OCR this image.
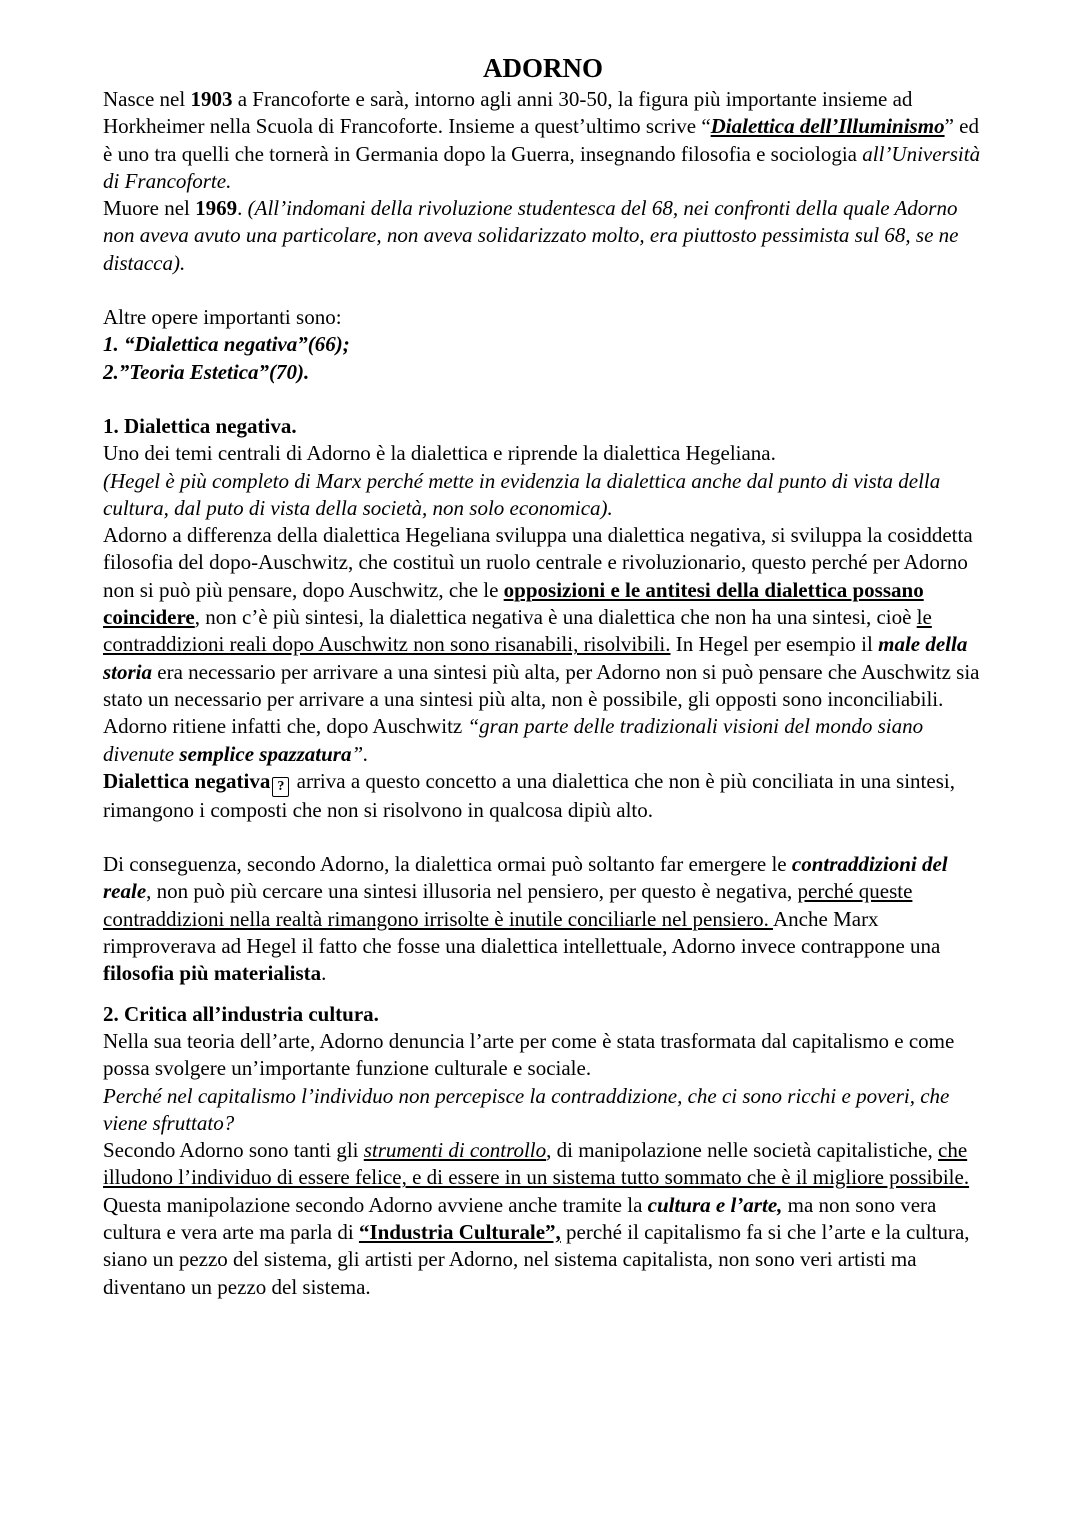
ADORNO

Nasce nel 1903 a Francoforte e sarà, intorno agli anni 30-50, la figura più importante insieme ad Horkheimer nella Scuola di Francoforte. Insieme a quest’ultimo scrive “Dialettica dell’Illuminismo” ed è uno tra quelli che tornerà in Germania dopo la Guerra, insegnando filosofia e sociologia all’Università di Francoforte.

Muore nel 1969. (All’indomani della rivoluzione studentesca del 68, nei confronti della quale Adorno non aveva avuto una particolare, non aveva solidarizzato molto, era piuttosto pessimista sul 68, se ne distacca).

Altre opere importanti sono:

1. “Dialettica negativa”(66);

2.”Teoria Estetica”(70).

1. Dialettica negativa.

Uno dei temi centrali di Adorno è la dialettica e riprende la dialettica Hegeliana.

(Hegel è più completo di Marx perché mette in evidenzia la dialettica anche dal punto di vista della cultura, dal puto di vista della società, non solo economica).

Adorno a differenza della dialettica Hegeliana sviluppa una dialettica negativa, si sviluppa la cosiddetta filosofia del dopo-Auschwitz, che costituì un ruolo centrale e rivoluzionario, questo perché per Adorno non si può più pensare, dopo Auschwitz, che le opposizioni e le antitesi della dialettica possano coincidere, non c’è più sintesi, la dialettica negativa è una dialettica che non ha una sintesi, cioè le contraddizioni reali dopo Auschwitz non sono risanabili, risolvibili. In Hegel per esempio il male della storia era necessario per arrivare a una sintesi più alta, per Adorno non si può pensare che Auschwitz sia stato un necessario per arrivare a una sintesi più alta, non è possibile, gli opposti sono inconciliabili. Adorno ritiene infatti che, dopo Auschwitz “gran parte delle tradizionali visioni del mondo siano divenute semplice spazzatura”.

Dialettica negativa ? arriva a questo concetto a una dialettica che non è più conciliata in una sintesi, rimangono i composti che non si risolvono in qualcosa dipiù alto.

Di conseguenza, secondo Adorno, la dialettica ormai può soltanto far emergere le contraddizioni del reale, non può più cercare una sintesi illusoria nel pensiero, per questo è negativa, perché queste contraddizioni nella realtà rimangono irrisolte è inutile conciliarle nel pensiero. Anche Marx rimproverava ad Hegel il fatto che fosse una dialettica intellettuale, Adorno invece contrappone una filosofia più materialista.

2. Critica all’industria cultura.

Nella sua teoria dell’arte, Adorno denuncia l’arte per come è stata trasformata dal capitalismo e come possa svolgere un’importante funzione culturale e sociale.

Perché nel capitalismo l’individuo non percepisce la contraddizione, che ci sono ricchi e poveri, che viene sfruttato?

Secondo Adorno sono tanti gli strumenti di controllo, di manipolazione nelle società capitalistiche, che illudono l’individuo di essere felice, e di essere in un sistema tutto sommato che è il migliore possibile.

Questa manipolazione secondo Adorno avviene anche tramite la cultura e l’arte, ma non sono vera cultura e vera arte ma parla di “Industria Culturale”, perché il capitalismo fa si che l’arte e la cultura, siano un pezzo del sistema, gli artisti per Adorno, nel sistema capitalista, non sono veri artisti ma diventano un pezzo del sistema.
